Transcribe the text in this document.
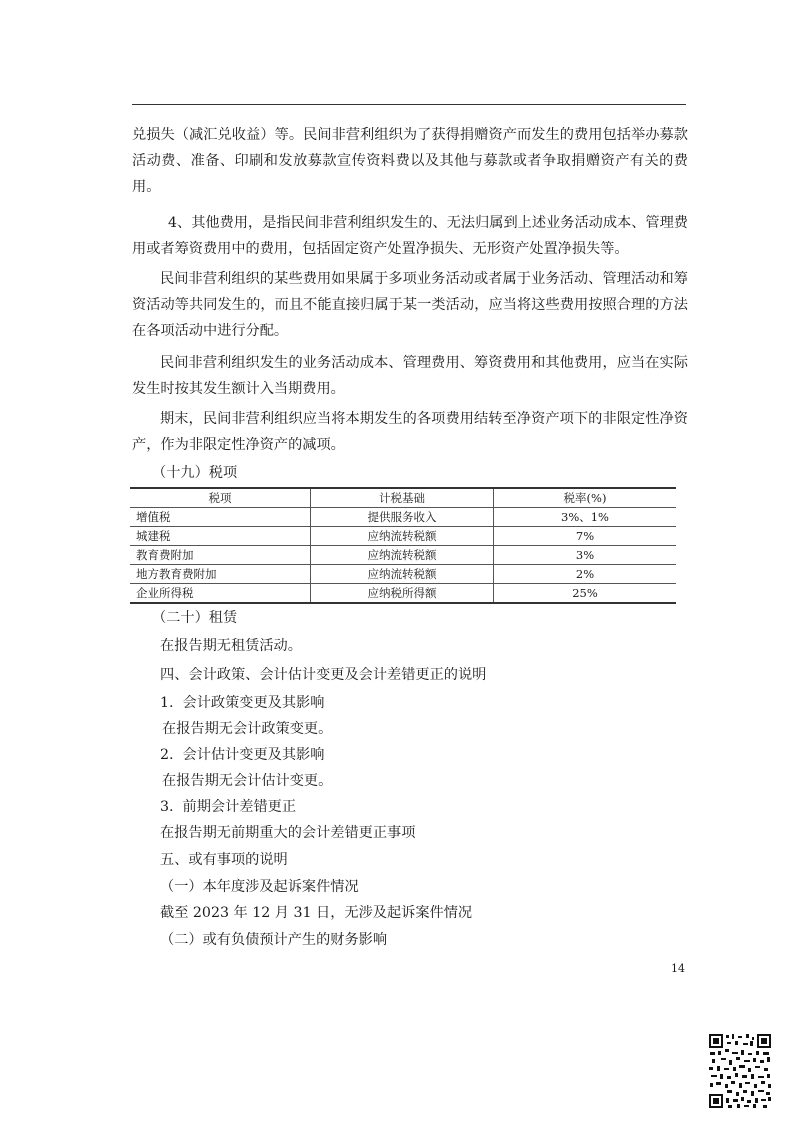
兑损失（减汇兑收益）等。民间非营利组织为了获得捐赠资产而发生的费用包括举办募款活动费、准备、印刷和发放募款宣传资料费以及其他与募款或者争取捐赠资产有关的费用。

4、其他费用，是指民间非营利组织发生的、无法归属到上述业务活动成本、管理费用或者筹资费用中的费用，包括固定资产处置净损失、无形资产处置净损失等。

民间非营利组织的某些费用如果属于多项业务活动或者属于业务活动、管理活动和筹资活动等共同发生的，而且不能直接归属于某一类活动，应当将这些费用按照合理的方法在各项活动中进行分配。

民间非营利组织发生的业务活动成本、管理费用、筹资费用和其他费用，应当在实际发生时按其发生额计入当期费用。

期末，民间非营利组织应当将本期发生的各项费用结转至净资产项下的非限定性净资产，作为非限定性净资产的减项。

（十九）税项

税项	计税基础	税率(%)
增值税	提供服务收入	3%、1%
城建税	应纳流转税额	7%
教育费附加	应纳流转税额	3%
地方教育费附加	应纳流转税额	2%
企业所得税	应纳税所得额	25%

（二十）租赁

在报告期无租赁活动。

四、会计政策、会计估计变更及会计差错更正的说明

1.  会计政策变更及其影响

在报告期无会计政策变更。

2.  会计估计变更及其影响

在报告期无会计估计变更。

3.  前期会计差错更正

在报告期无前期重大的会计差错更正事项

五、或有事项的说明

（一）本年度涉及起诉案件情况

截至 2023 年 12 月 31 日，无涉及起诉案件情况

（二）或有负债预计产生的财务影响

14
